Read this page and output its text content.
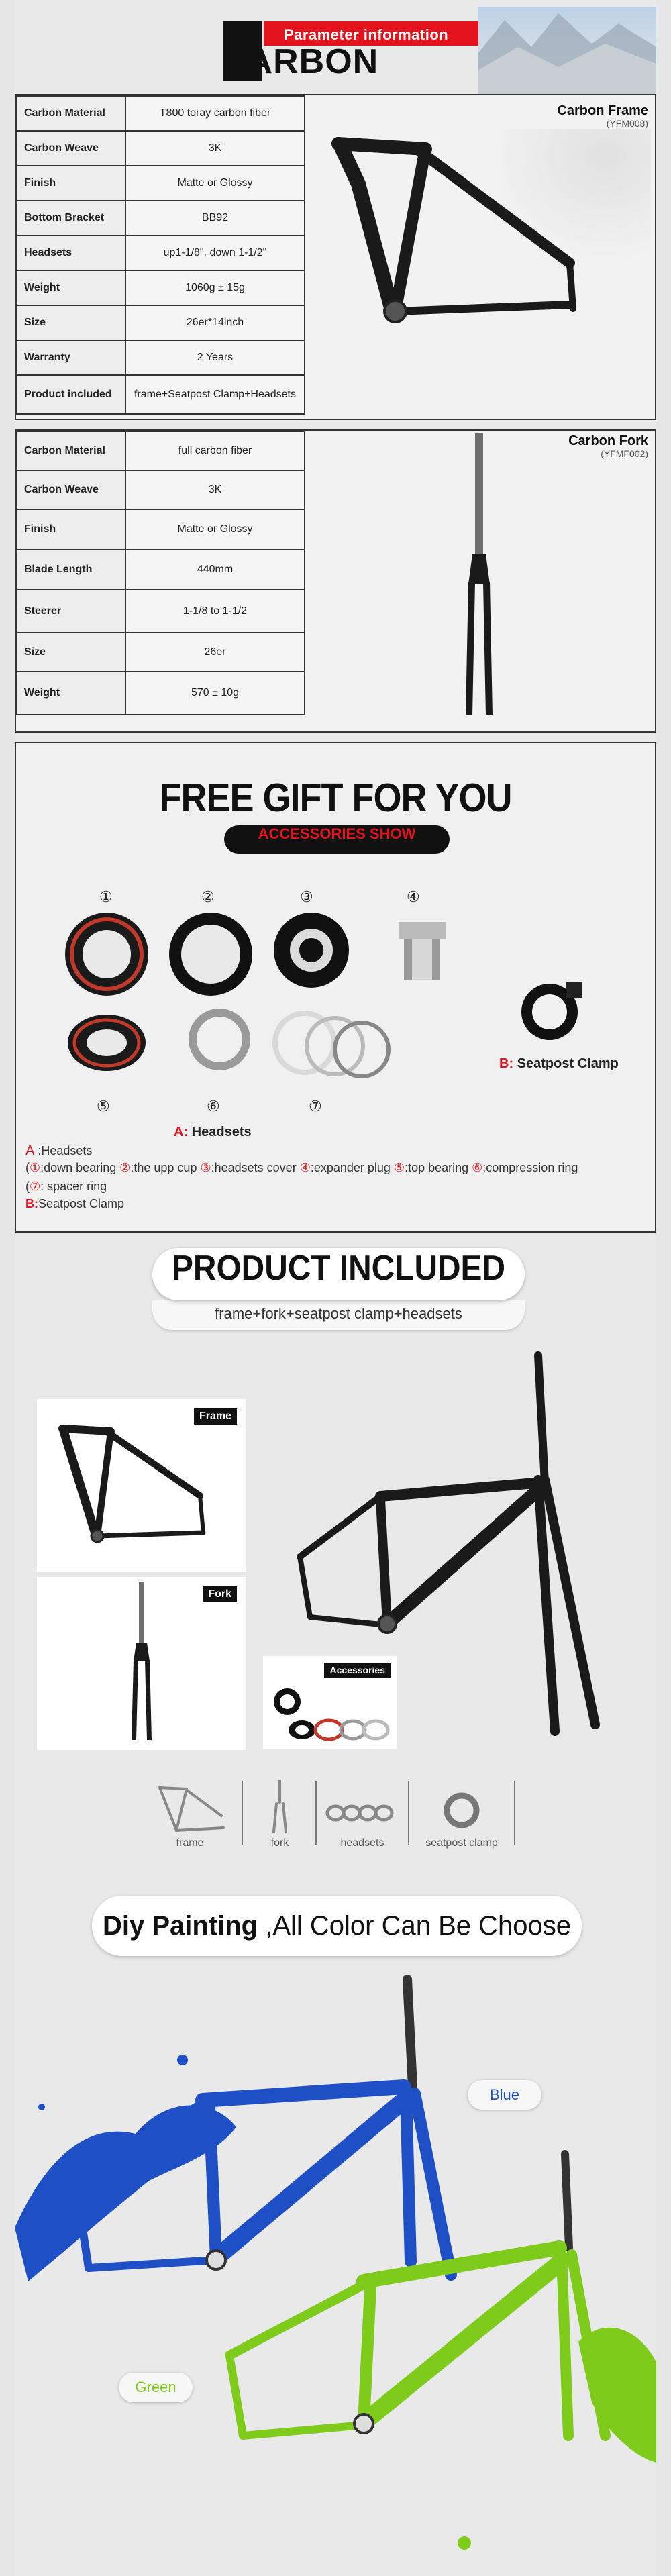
Parameter information
CARBON
Carbon Material	T800 toray carbon fiber
Carbon Weave	3K
Finish	Matte or Glossy
Bottom Bracket	BB92
Headsets	up1-1/8", down 1-1/2"
Weight	1060g ± 15g
Size	26er*14inch
Warranty	2 Years
Product included	frame+Seatpost Clamp+Headsets
Carbon Frame
(YFM008)
Carbon Material	full carbon fiber
Carbon Weave	3K
Finish	Matte or Glossy
Blade Length	440mm
Steerer	1-1/8 to 1-1/2
Size	26er
Weight	570 ± 10g
Carbon Fork
(YFMF002)
FREE GIFT FOR YOU
ACCESSORIES SHOW
①	②	③	④
⑤	⑥	⑦
A: Headsets
B: Seatpost Clamp
A :Headsets
(①:down bearing ②:the upp cup ③:headsets cover ④:expander plug ⑤:top bearing ⑥:compression ring
(⑦: spacer ring
B:Seatpost Clamp
frame+fork+seatpost clamp+headsets
PRODUCT INCLUDED
Frame
Fork
Accessories
frame	fork	headsets	seatpost clamp
Diy Painting ,All Color Can Be Choose
Blue
Green
